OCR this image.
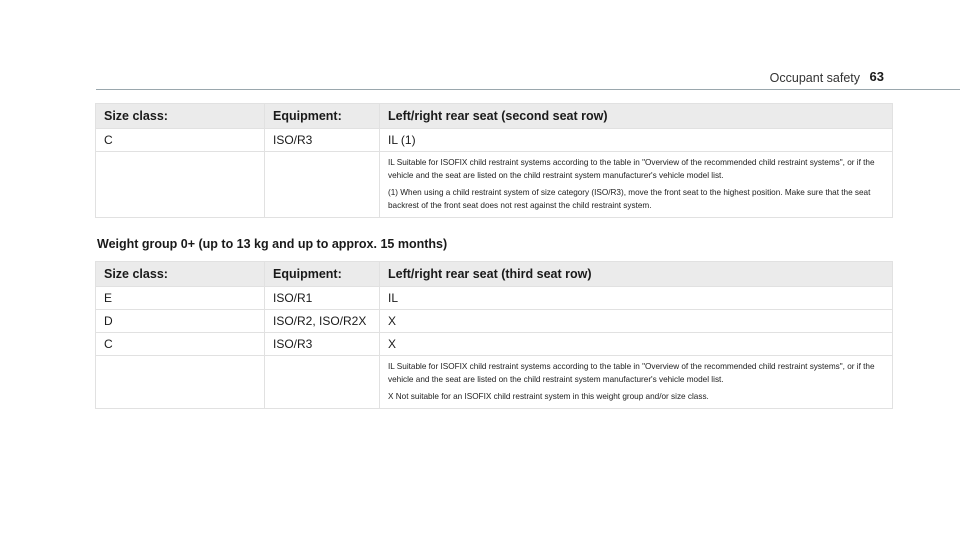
Occupant safety 63
Size class:	Equipment:	Left/right rear seat (second seat row)
C	ISO/R3	IL (1)

		IL Suitable for ISOFIX child restraint systems according to the table in "Overview of the recommended child restraint systems", or if the vehicle and the seat are listed on the child restraint system manufacturer's vehicle model list.
(1) When using a child restraint system of size category (ISO/R3), move the front seat to the highest position. Make sure that the seat backrest of the front seat does not rest against the child restraint system.
Weight group 0+ (up to 13 kg and up to approx. 15 months)
Size class:	Equipment:	Left/right rear seat (third seat row)
E	ISO/R1	IL
D	ISO/R2, ISO/R2X	X
C	ISO/R3	X

		IL Suitable for ISOFIX child restraint systems according to the table in "Overview of the recommended child restraint systems", or if the vehicle and the seat are listed on the child restraint system manufacturer's vehicle model list.
X Not suitable for an ISOFIX child restraint system in this weight group and/or size class.
